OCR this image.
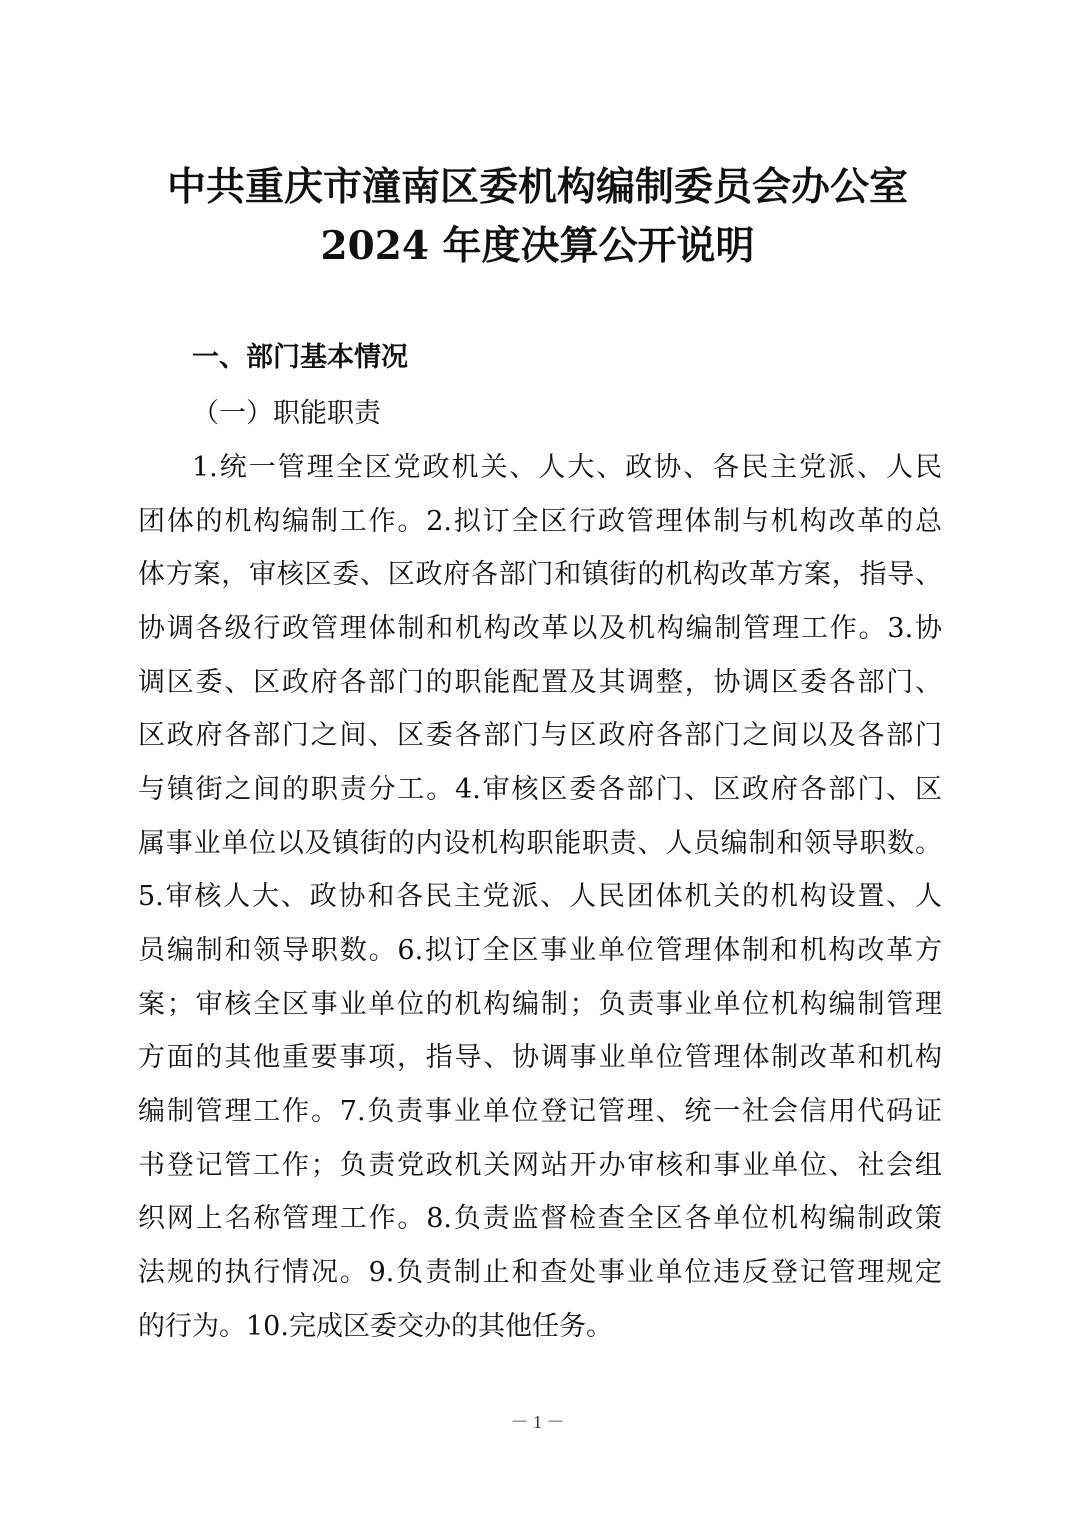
中共重庆市潼南区委机构编制委员会办公室
2024 年度决算公开说明
一、部门基本情况
（一）职能职责
1.统一管理全区党政机关、人大、政协、各民主党派、人民
团体的机构编制工作。2.拟订全区行政管理体制与机构改革的总
体方案，审核区委、区政府各部门和镇街的机构改革方案，指导、
协调各级行政管理体制和机构改革以及机构编制管理工作。3.协
调区委、区政府各部门的职能配置及其调整，协调区委各部门、
区政府各部门之间、区委各部门与区政府各部门之间以及各部门
与镇街之间的职责分工。4.审核区委各部门、区政府各部门、区
属事业单位以及镇街的内设机构职能职责、人员编制和领导职数。
5.审核人大、政协和各民主党派、人民团体机关的机构设置、人
员编制和领导职数。6.拟订全区事业单位管理体制和机构改革方
案；审核全区事业单位的机构编制；负责事业单位机构编制管理
方面的其他重要事项，指导、协调事业单位管理体制改革和机构
编制管理工作。7.负责事业单位登记管理、统一社会信用代码证
书登记管工作；负责党政机关网站开办审核和事业单位、社会组
织网上名称管理工作。8.负责监督检查全区各单位机构编制政策
法规的执行情况。9.负责制止和查处事业单位违反登记管理规定
的行为。10.完成区委交办的其他任务。
－ 1 －
